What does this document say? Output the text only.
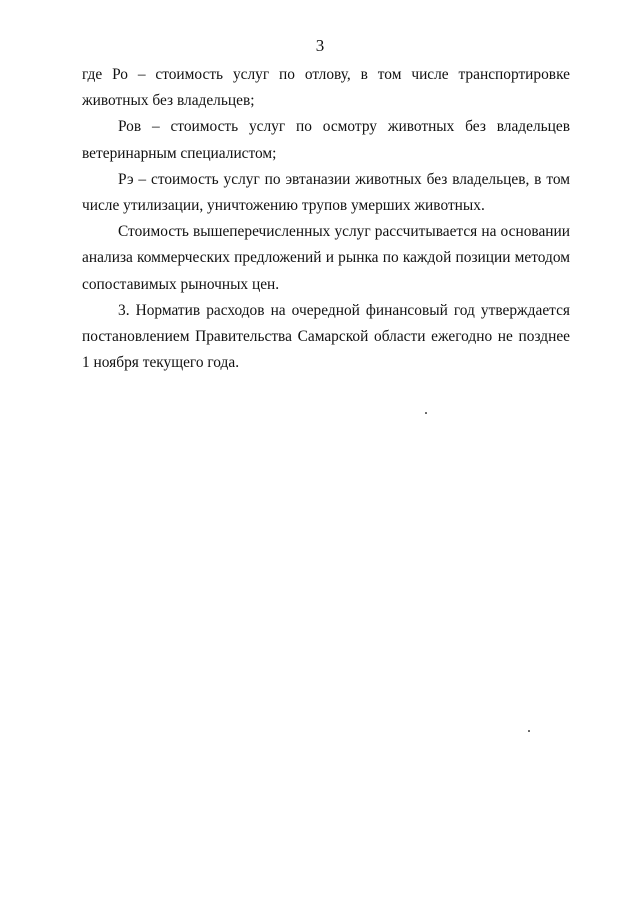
3

где Ро – стоимость услуг по отлову, в том числе транспортировке животных без владельцев;

Ров – стоимость услуг по осмотру животных без владельцев ветеринарным специалистом;

Рэ – стоимость услуг по эвтаназии животных без владельцев, в том числе утилизации, уничтожению трупов умерших животных.

Стоимость вышеперечисленных услуг рассчитывается на основании анализа коммерческих предложений и рынка по каждой позиции методом сопоставимых рыночных цен.

3. Норматив расходов на очередной финансовый год утверждается постановлением Правительства Самарской области ежегодно не позднее 1 ноября текущего года.
